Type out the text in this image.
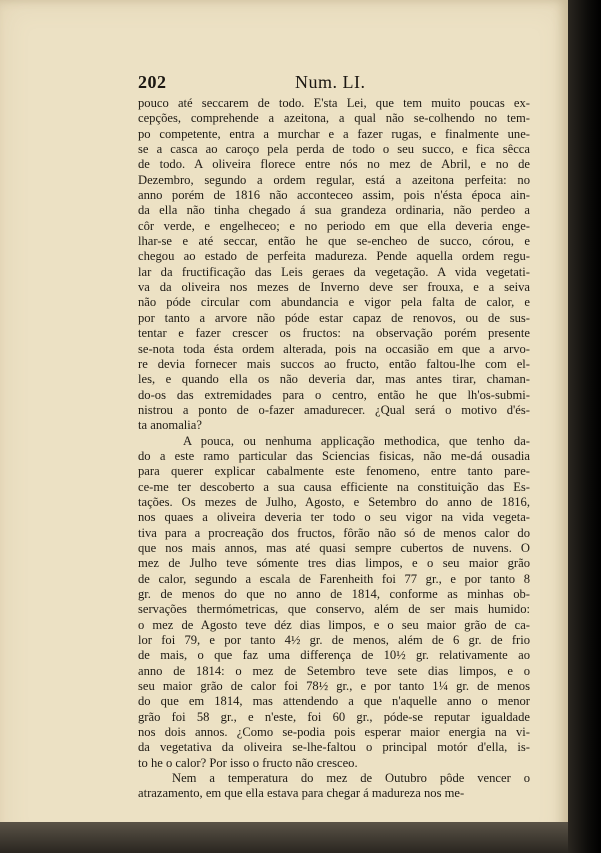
202	Num. LI.
pouco até seccarem de todo. E'sta Lei, que tem muito poucas ex-
cepções, comprehende a azeitona, a qual não se-colhendo no tem-
po competente, entra a murchar e a fazer rugas, e finalmente une-
se a casca ao caroço pela perda de todo o seu succo, e fica sêcca
de todo. A oliveira florece entre nós no mez de Abril, e no de
Dezembro, segundo a ordem regular, está a azeitona perfeita: no
anno porém de 1816 não acconteceo assim, pois n'ésta época ain-
da ella não tinha chegado á sua grandeza ordinaria, não perdeo a
côr verde, e engelheceo; e no periodo em que ella deveria enge-
lhar-se e até seccar, então he que se-encheo de succo, córou, e
chegou ao estado de perfeita madureza. Pende aquella ordem regu-
lar da fructificação das Leis geraes da vegetação. A vida vegetati-
va da oliveira nos mezes de Inverno deve ser frouxa, e a seiva
não póde circular com abundancia e vigor pela falta de calor, e
por tanto a arvore não póde estar capaz de renovos, ou de sus-
tentar e fazer crescer os fructos: na observação porém presente
se-nota toda ésta ordem alterada, pois na occasião em que a arvo-
re devia fornecer mais succos ao fructo, então faltou-lhe com el-
les, e quando ella os não deveria dar, mas antes tirar, chaman-
do-os das extremidades para o centro, então he que lh'os-submi-
nistrou a ponto de o-fazer amadurecer. ¿Qual será o motivo d'és-
ta anomalia?
A pouca, ou nenhuma applicação methodica, que tenho da-
do a este ramo particular das Sciencias fisicas, não me-dá ousadia
para querer explicar cabalmente este fenomeno, entre tanto pare-
ce-me ter descoberto a sua causa efficiente na constituição das Es-
tações. Os mezes de Julho, Agosto, e Setembro do anno de 1816,
nos quaes a oliveira deveria ter todo o seu vigor na vida vegeta-
tiva para a procreação dos fructos, fôrão não só de menos calor do
que nos mais annos, mas até quasi sempre cubertos de nuvens. O
mez de Julho teve sómente tres dias limpos, e o seu maior grão
de calor, segundo a escala de Farenheith foi 77 gr., e por tanto 8
gr. de menos do que no anno de 1814, conforme as minhas ob-
servações thermómetricas, que conservo, além de ser mais humido:
o mez de Agosto teve déz dias limpos, e o seu maior grão de ca-
lor foi 79, e por tanto 4½ gr. de menos, além de 6 gr. de frio
de mais, o que faz uma differença de 10½ gr. relativamente ao
anno de 1814: o mez de Setembro teve sete dias limpos, e o
seu maior grão de calor foi 78½ gr., e por tanto 1¼ gr. de menos
do que em 1814, mas attendendo a que n'aquelle anno o menor
grão foi 58 gr., e n'este, foi 60 gr., póde-se reputar igualdade
nos dois annos. ¿Como se-podia pois esperar maior energia na vi-
da vegetativa da oliveira se-lhe-faltou o principal motór d'ella, is-
to he o calor? Por isso o fructo não cresceo.
Nem a temperatura do mez de Outubro pôde vencer o
atrazamento, em que ella estava para chegar á madureza nos me-
